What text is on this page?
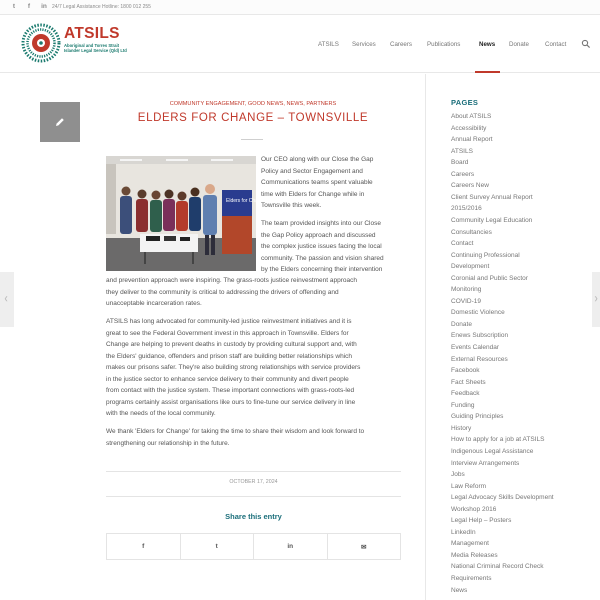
t	f	in 24/7 Legal Assistance Hotline: 1800 012 255
ATSILS
Aboriginal and Torres Strait Islander Legal Service (Qld) Ltd
ATSILS Services Careers Publications	News Donate	Contact
❮	❯
COMMUNITY ENGAGEMENT, GOOD NEWS, NEWS, PARTNERS
ELDERS FOR CHANGE – TOWNSVILLE
Elders for Change
Our CEO along with our Close the Gap
Policy and Sector Engagement and
Communications teams spent valuable
time with Elders for Change while in
Townsville this week.
The team provided insights into our Close
the Gap Policy approach and discussed
the complex justice issues facing the local
community. The passion and vision shared
by the Elders concerning their intervention
and prevention approach were inspiring. The grass-roots justice reinvestment approach
they deliver to the community is critical to addressing the drivers of offending and
unacceptable incarceration rates.
ATSILS has long advocated for community-led justice reinvestment initiatives and it is
great to see the Federal Government invest in this approach in Townsville. Elders for
Change are helping to prevent deaths in custody by providing cultural support and, with
the Elders' guidance, offenders and prison staff are building better relationships which
makes our prisons safer. They're also building strong relationships with service providers
in the justice sector to enhance service delivery to their community and divert people
from contact with the justice system. These important connections with grass-roots-led
programs certainly assist organisations like ours to fine-tune our service delivery in line
with the needs of the local community.
We thank 'Elders for Change' for taking the time to share their wisdom and look forward to
strengthening our relationship in the future.
OCTOBER 17, 2024
Share this entry
f	t	in	✉
PAGES
About ATSILS
Accessibility
Annual Report
ATSILS
Board
Careers
Careers New
Client Survey Annual Report
2015/2016
Community Legal Education
Consultancies
Contact
Continuing Professional
Development
Coronial and Public Sector
Monitoring
COVID-19
Domestic Violence
Donate
Enews Subscription
Events Calendar
External Resources
Facebook
Fact Sheets
Feedback
Funding
Guiding Principles
History
How to apply for a job at ATSILS
Indigenous Legal Assistance
Interview Arrangements
Jobs
Law Reform
Legal Advocacy Skills Development
Workshop 2016
Legal Help – Posters
LinkedIn
Management
Media Releases
National Criminal Record Check
Requirements
News
